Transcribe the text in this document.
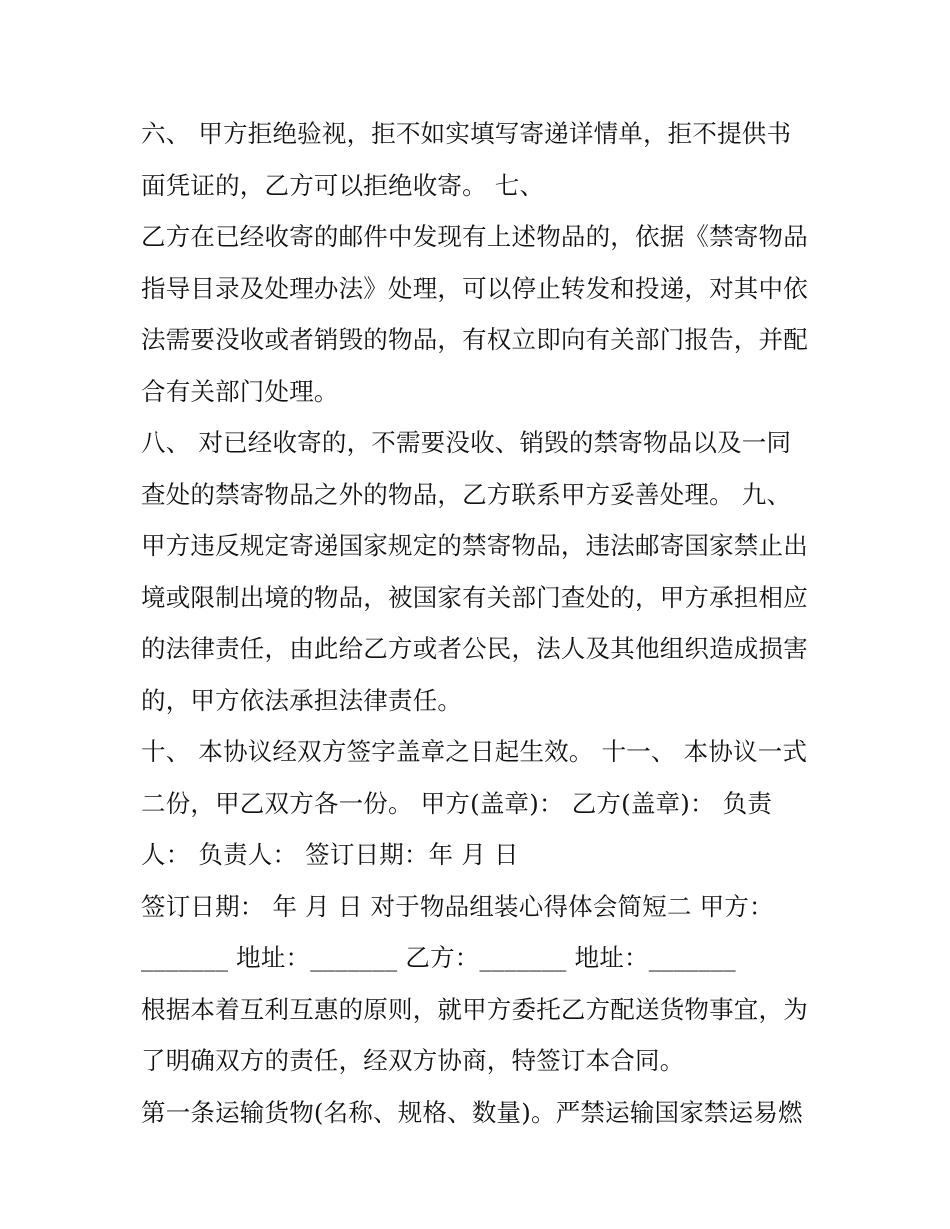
六、 甲方拒绝验视，拒不如实填写寄递详情单，拒不提供书
面凭证的，乙方可以拒绝收寄。 七、
乙方在已经收寄的邮件中发现有上述物品的，依据《禁寄物品
指导目录及处理办法》处理，可以停止转发和投递，对其中依
法需要没收或者销毁的物品，有权立即向有关部门报告，并配
合有关部门处理。
八、 对已经收寄的，不需要没收、销毁的禁寄物品以及一同
查处的禁寄物品之外的物品，乙方联系甲方妥善处理。 九、
甲方违反规定寄递国家规定的禁寄物品，违法邮寄国家禁止出
境或限制出境的物品，被国家有关部门查处的，甲方承担相应
的法律责任，由此给乙方或者公民，法人及其他组织造成损害
的，甲方依法承担法律责任。
十、 本协议经双方签字盖章之日起生效。 十一、 本协议一式
二份，甲乙双方各一份。 甲方(盖章)： 乙方(盖章)： 负责
人： 负责人： 签订日期：年 月 日
签订日期： 年 月 日 对于物品组装心得体会简短二 甲方：
_______ 地址：_______ 乙方：_______ 地址：_______
根据本着互利互惠的原则，就甲方委托乙方配送货物事宜，为
了明确双方的责任，经双方协商，特签订本合同。
第一条运输货物(名称、规格、数量)。严禁运输国家禁运易燃
